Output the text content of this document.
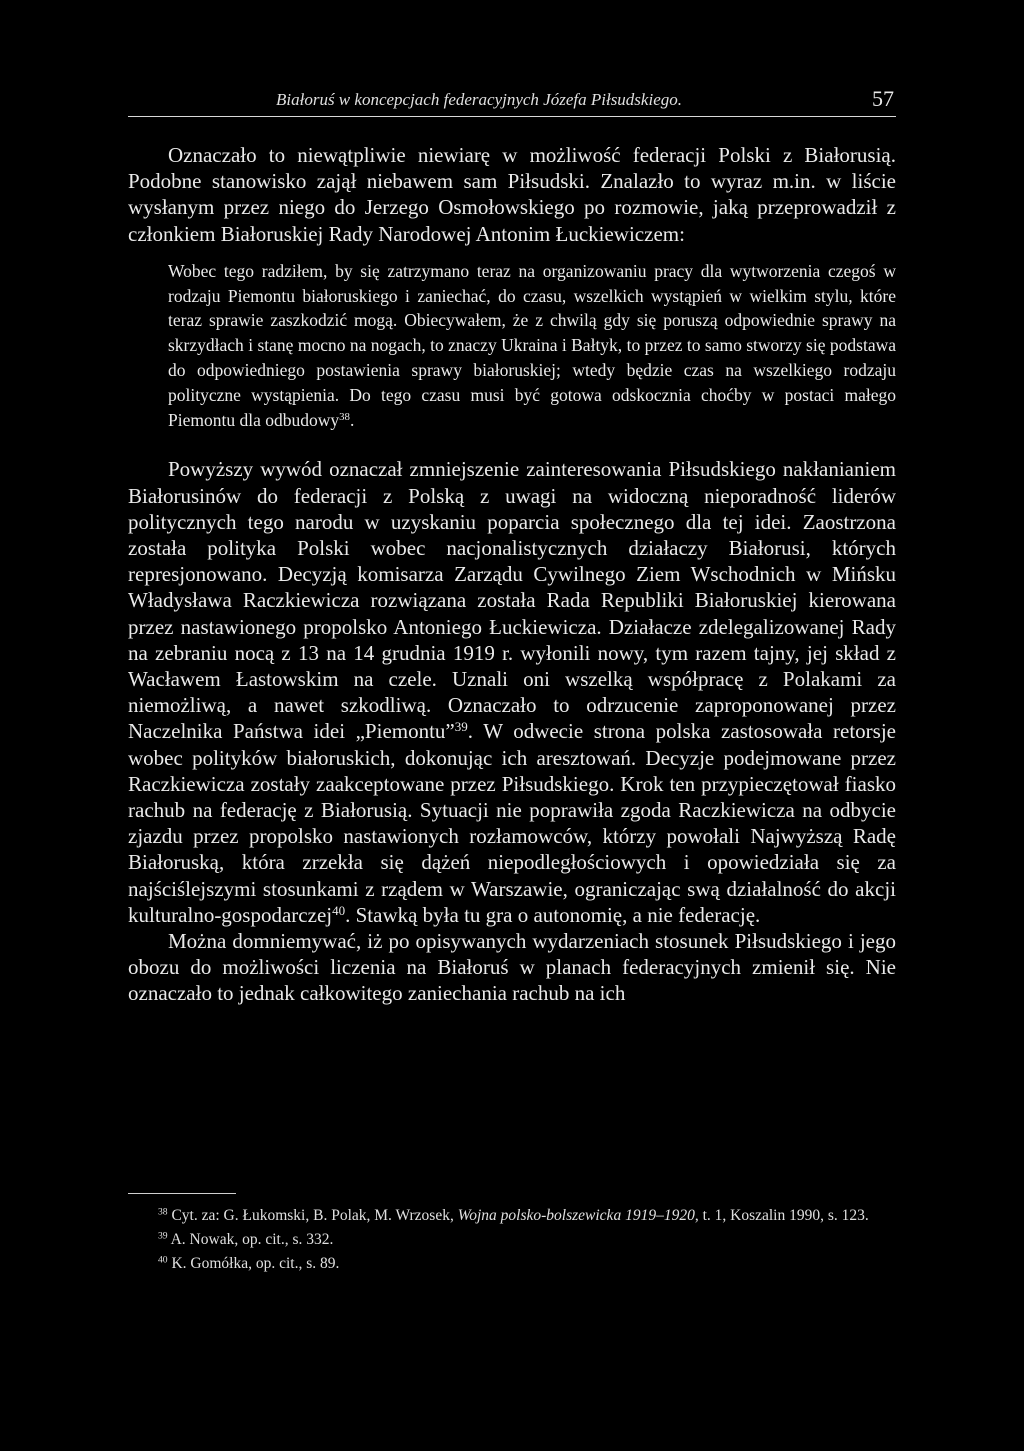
Białoruś w koncepcjach federacyjnych Józefa Piłsudskiego.	57

Oznaczało to niewątpliwie niewiarę w możliwość federacji Polski z Białorusią. Podobne stanowisko zajął niebawem sam Piłsudski. Znalazło to wyraz m.in. w liście wysłanym przez niego do Jerzego Osmołowskiego po rozmowie, jaką przeprowadził z członkiem Białoruskiej Rady Narodowej Antonim Łuckiewiczem:

Wobec tego radziłem, by się zatrzymano teraz na organizowaniu pracy dla wytworzenia czegoś w rodzaju Piemontu białoruskiego i zaniechać, do czasu, wszelkich wystąpień w wielkim stylu, które teraz sprawie zaszkodzić mogą. Obiecywałem, że z chwilą gdy się poruszą odpowiednie sprawy na skrzydłach i stanę mocno na nogach, to znaczy Ukraina i Bałtyk, to przez to samo stworzy się podstawa do odpowiedniego postawienia sprawy białoruskiej; wtedy będzie czas na wszelkiego rodzaju polityczne wystąpienia. Do tego czasu musi być gotowa odskocznia choćby w postaci małego Piemontu dla odbudowy$^{38}$.

Powyższy wywód oznaczał zmniejszenie zainteresowania Piłsudskiego nakłanianiem Białorusinów do federacji z Polską z uwagi na widoczną nieporadność liderów politycznych tego narodu w uzyskaniu poparcia społecznego dla tej idei. Zaostrzona została polityka Polski wobec nacjonalistycznych działaczy Białorusi, których represjonowano. Decyzją komisarza Zarządu Cywilnego Ziem Wschodnich w Mińsku Władysława Raczkiewicza rozwiązana została Rada Republiki Białoruskiej kierowana przez nastawionego propolsko Antoniego Łuckiewicza. Działacze zdelegalizowanej Rady na zebraniu nocą z 13 na 14 grudnia 1919 r. wyłonili nowy, tym razem tajny, jej skład z Wacławem Łastowskim na czele. Uznali oni wszelką współpracę z Polakami za niemożliwą, a nawet szkodliwą. Oznaczało to odrzucenie zaproponowanej przez Naczelnika Państwa idei „Piemontu”$^{39}$. W odwecie strona polska zastosowała retorsje wobec polityków białoruskich, dokonując ich aresztowań. Decyzje podejmowane przez Raczkiewicza zostały zaakceptowane przez Piłsudskiego. Krok ten przypieczętował fiasko rachub na federację z Białorusią. Sytuacji nie poprawiła zgoda Raczkiewicza na odbycie zjazdu przez propolsko nastawionych rozłamowców, którzy powołali Najwyższą Radę Białoruską, która zrzekła się dążeń niepodległościowych i opowiedziała się za najściślejszymi stosunkami z rządem w Warszawie, ograniczając swą działalność do akcji kulturalno-gospodarczej$^{40}$. Stawką była tu gra o autonomię, a nie federację.

Można domniemywać, iż po opisywanych wydarzeniach stosunek Piłsudskiego i jego obozu do możliwości liczenia na Białoruś w planach federacyjnych zmienił się. Nie oznaczało to jednak całkowitego zaniechania rachub na ich

$^{38}$ Cyt. za: G. Łukomski, B. Polak, M. Wrzosek, Wojna polsko-bolszewicka 1919–1920, t. 1, Koszalin 1990, s. 123.

$^{39}$ A. Nowak, op. cit., s. 332.

$^{40}$ K. Gomółka, op. cit., s. 89.
